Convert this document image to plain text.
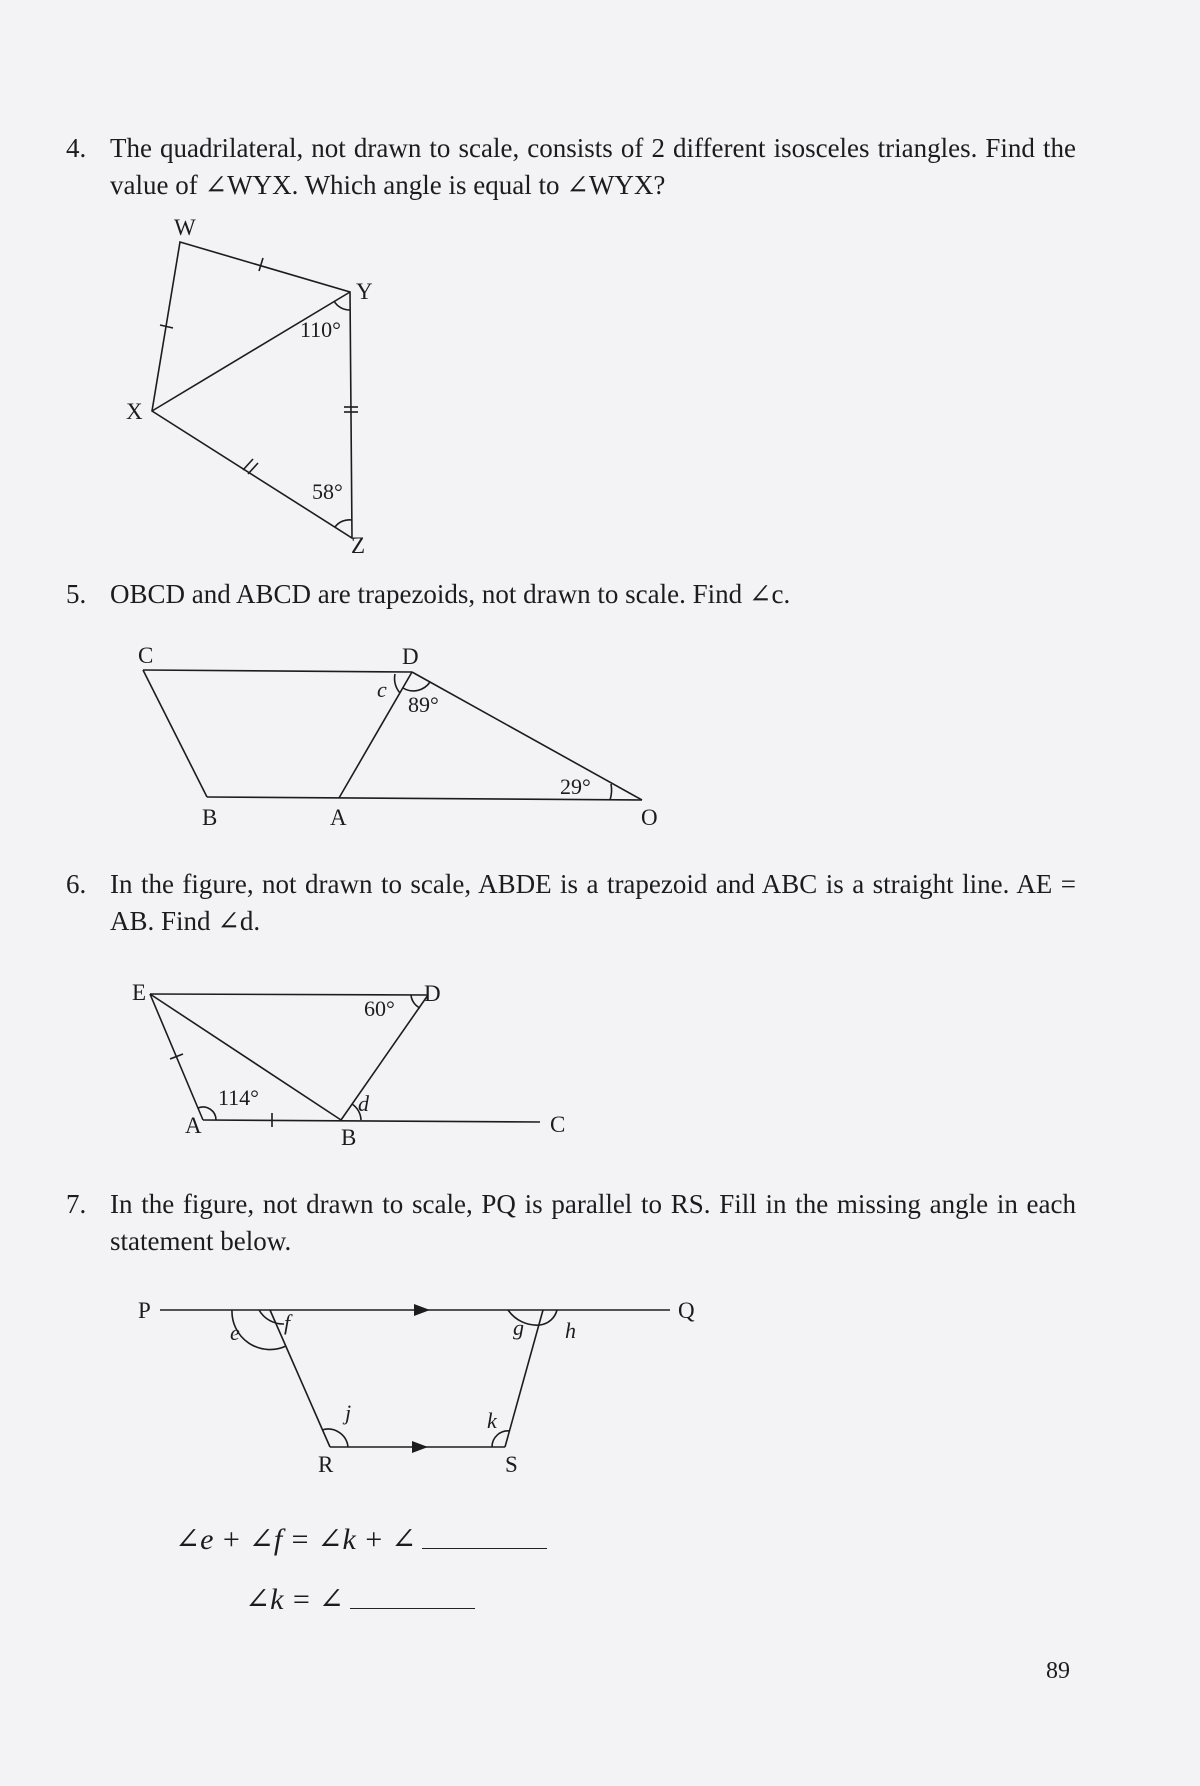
4. The quadrilateral, not drawn to scale, consists of 2 different isosceles triangles. Find the value of ∠WYX. Which angle is equal to ∠WYX?
W
Y
X
Z
110°
58°
5. OBCD and ABCD are trapezoids, not drawn to scale. Find ∠c.
C	D
B	A	O
c
89°
29°
6. In the figure, not drawn to scale, ABDE is a trapezoid and ABC is a straight line. AE = AB. Find ∠d.
E	D
A	B
C
60°
114°	d
7. In the figure, not drawn to scale, PQ is parallel to RS. Fill in the missing angle in each statement below.
P	Q
R	S
e f	g h
j	k
∠e + ∠f = ∠k + ∠
∠k = ∠
89
